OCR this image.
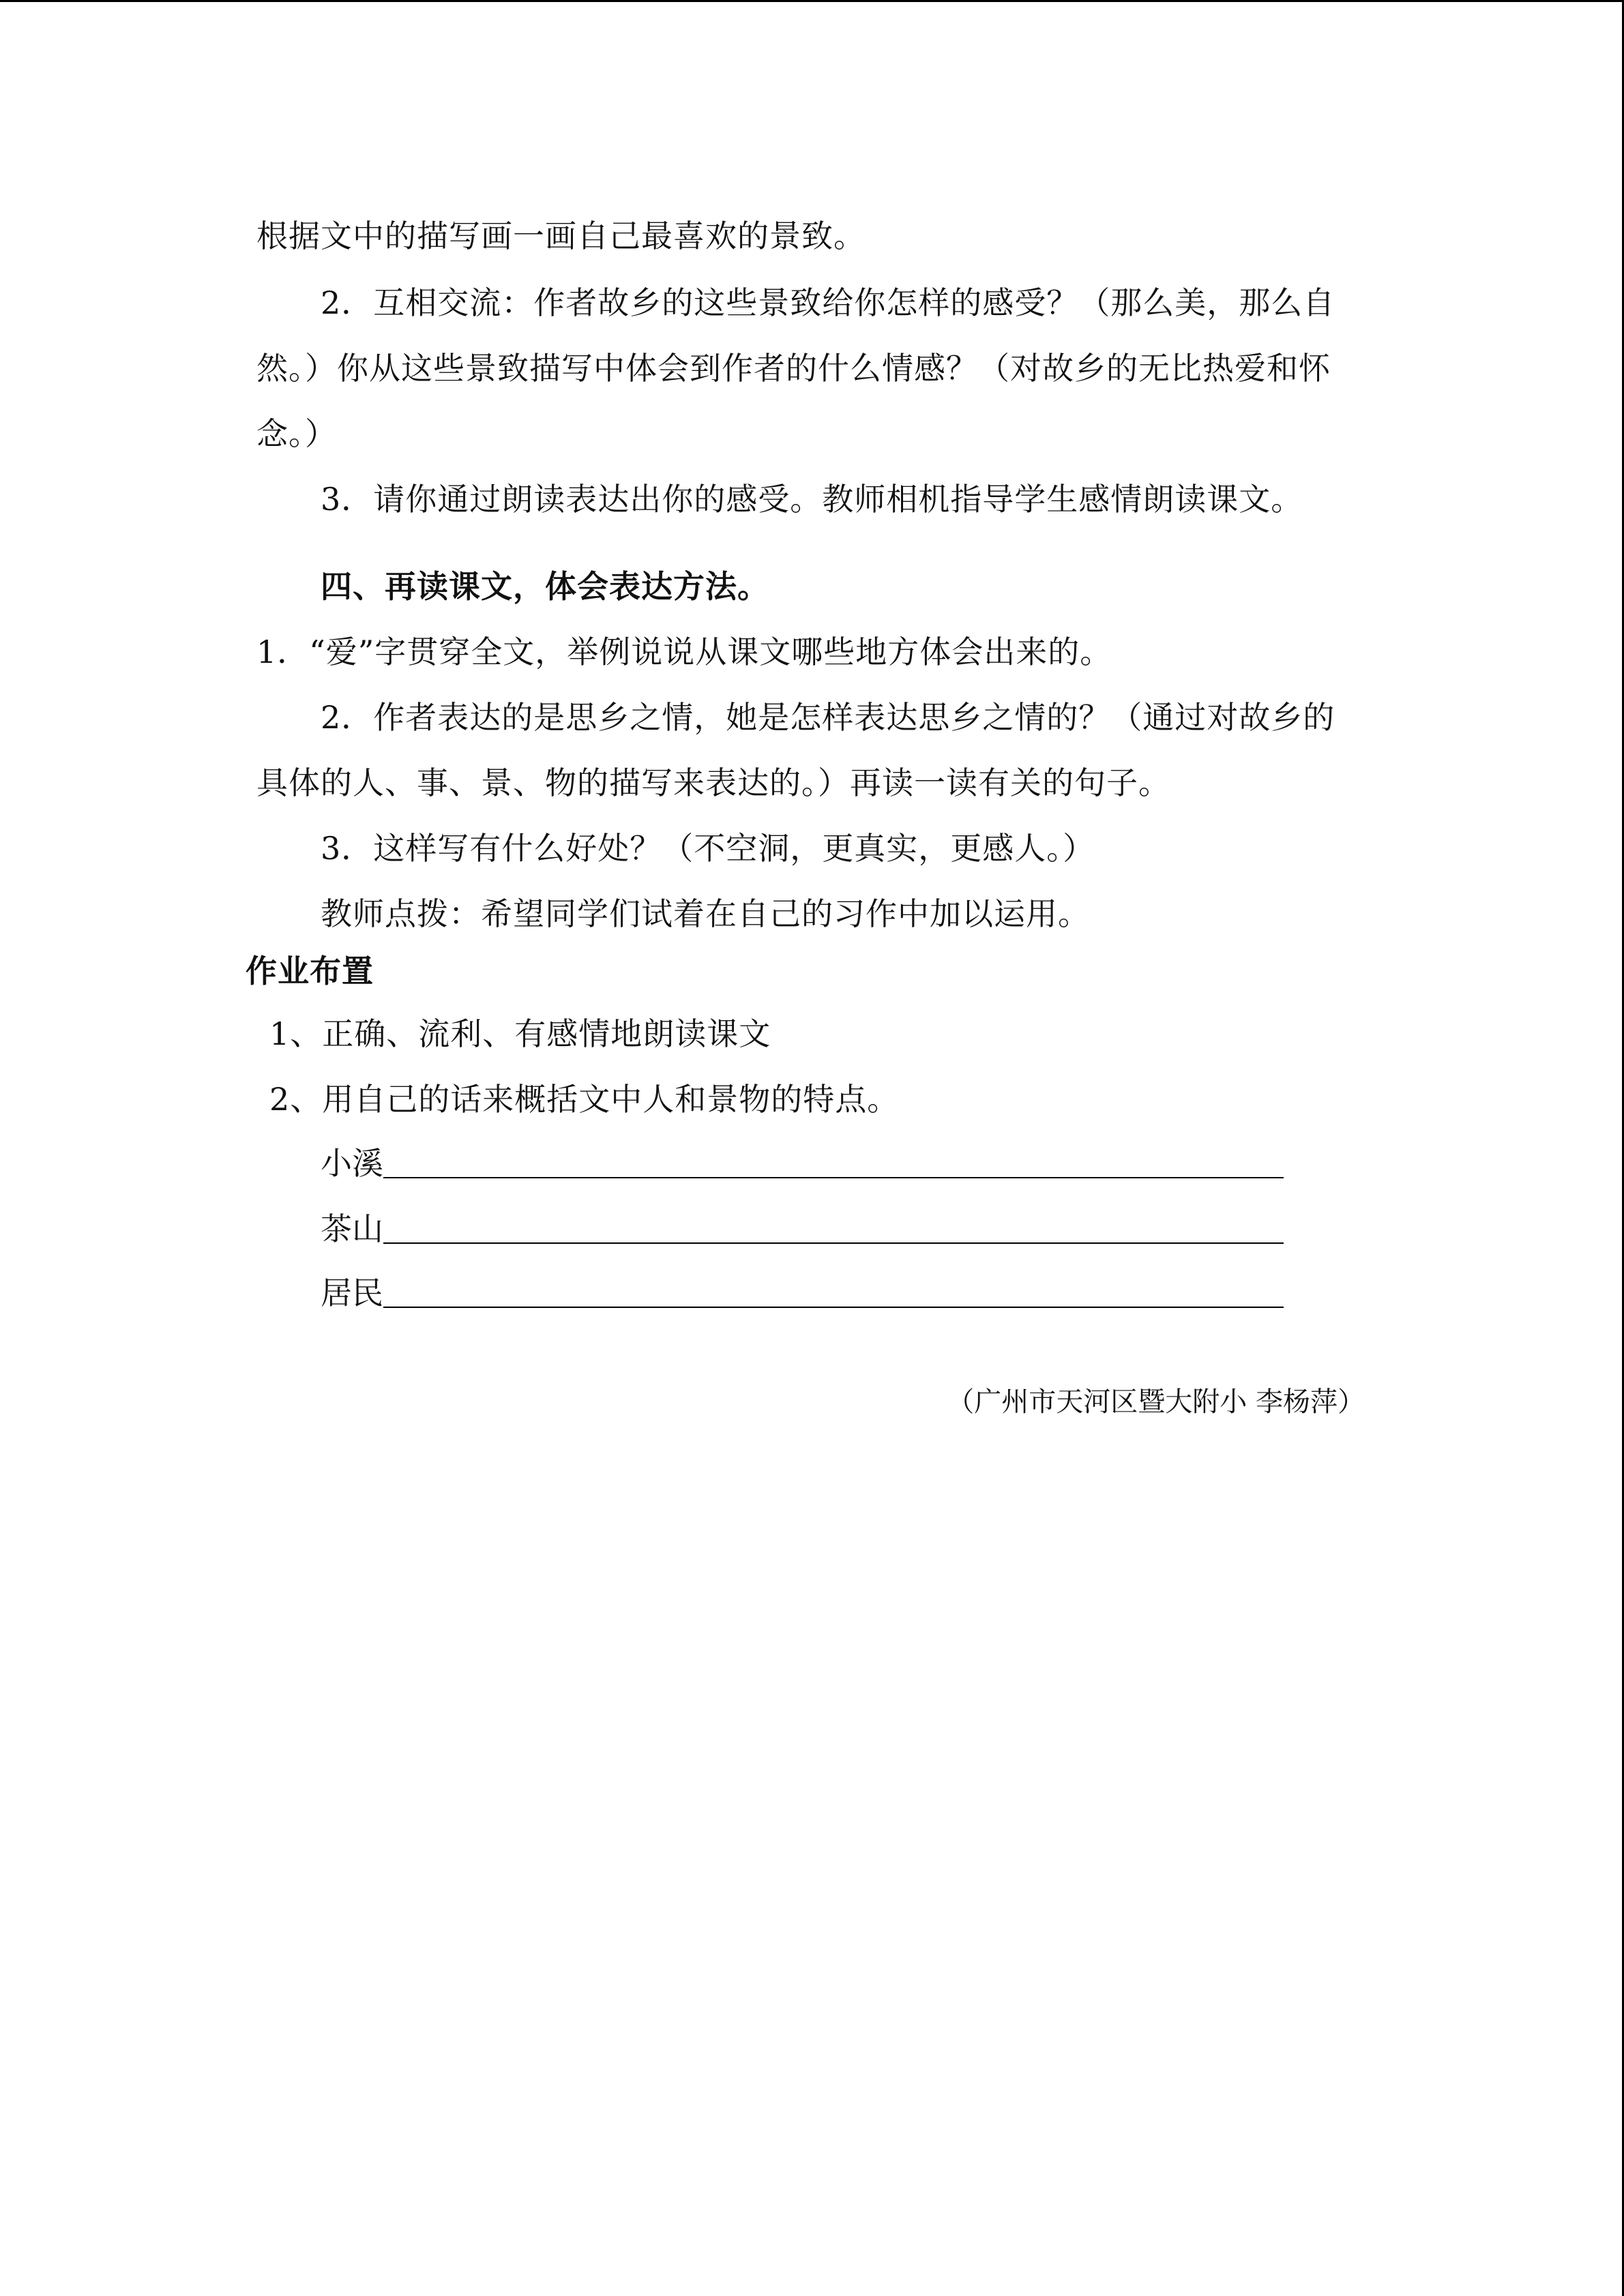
根据文中的描写画一画自己最喜欢的景致。
2．互相交流：作者故乡的这些景致给你怎样的感受？（那么美，那么自
然。）你从这些景致描写中体会到作者的什么情感？（对故乡的无比热爱和怀
念。）
3．请你通过朗读表达出你的感受。教师相机指导学生感情朗读课文。
四、再读课文，体会表达方法。
1．“爱”字贯穿全文，举例说说从课文哪些地方体会出来的。
2．作者表达的是思乡之情，她是怎样表达思乡之情的？（通过对故乡的
具体的人、事、景、物的描写来表达的。）再读一读有关的句子。
3．这样写有什么好处？（不空洞，更真实，更感人。）
教师点拨：希望同学们试着在自己的习作中加以运用。
作业布置
1、正确、流利、有感情地朗读课文
2、用自己的话来概括文中人和景物的特点。
小溪
茶山
居民
（广州市天河区暨大附小 李杨萍）
